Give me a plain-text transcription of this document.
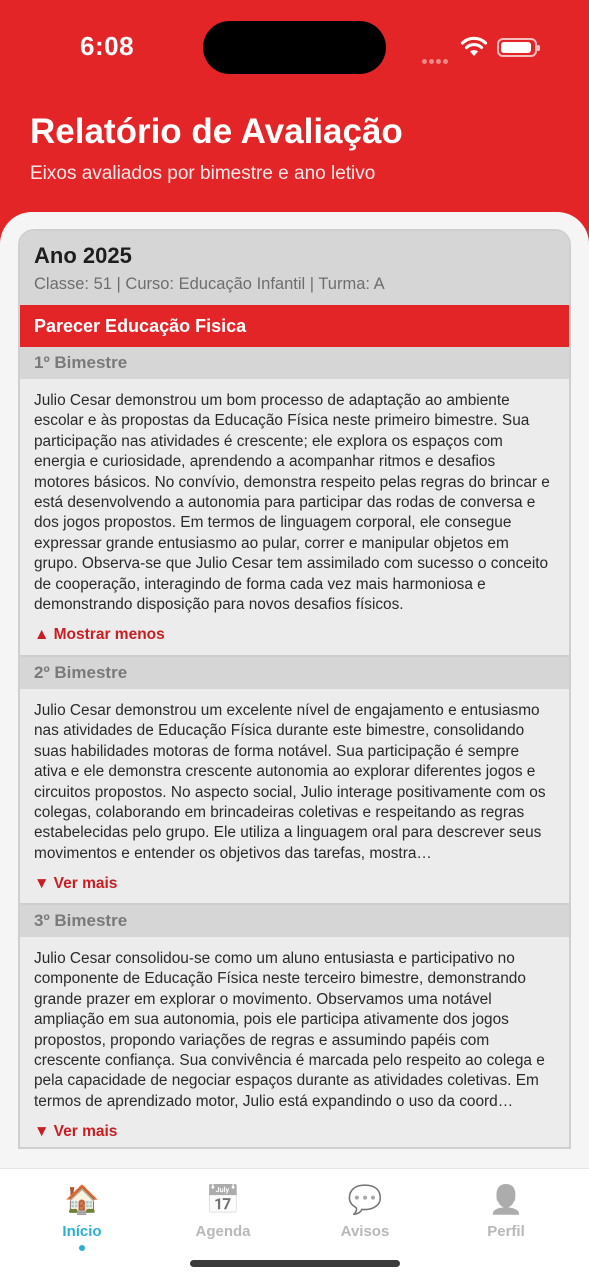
6:08
Relatório de Avaliação
Eixos avaliados por bimestre e ano letivo
Ano 2025
Classe: 51 | Curso: Educação Infantil | Turma: A
Parecer Educação Fisica
1º Bimestre
Julio Cesar demonstrou um bom processo de adaptação ao ambiente escolar e às propostas da Educação Física neste primeiro bimestre. Sua participação nas atividades é crescente; ele explora os espaços com energia e curiosidade, aprendendo a acompanhar ritmos e desafios motores básicos. No convívio, demonstra respeito pelas regras do brincar e está desenvolvendo a autonomia para participar das rodas de conversa e dos jogos propostos. Em termos de linguagem corporal, ele consegue expressar grande entusiasmo ao pular, correr e manipular objetos em grupo. Observa-se que Julio Cesar tem assimilado com sucesso o conceito de cooperação, interagindo de forma cada vez mais harmoniosa e demonstrando disposição para novos desafios físicos.
▲ Mostrar menos
2º Bimestre
Julio Cesar demonstrou um excelente nível de engajamento e entusiasmo nas atividades de Educação Física durante este bimestre, consolidando suas habilidades motoras de forma notável. Sua participação é sempre ativa e ele demonstra crescente autonomia ao explorar diferentes jogos e circuitos propostos. No aspecto social, Julio interage positivamente com os colegas, colaborando em brincadeiras coletivas e respeitando as regras estabelecidas pelo grupo. Ele utiliza a linguagem oral para descrever seus movimentos e entender os objetivos das tarefas, mostra…
▼ Ver mais
3º Bimestre
Julio Cesar consolidou-se como um aluno entusiasta e participativo no componente de Educação Física neste terceiro bimestre, demonstrando grande prazer em explorar o movimento. Observamos uma notável ampliação em sua autonomia, pois ele participa ativamente dos jogos propostos, propondo variações de regras e assumindo papéis com crescente confiança. Sua convivência é marcada pelo respeito ao colega e pela capacidade de negociar espaços durante as atividades coletivas. Em termos de aprendizado motor, Julio está expandindo o uso da coord…
▼ Ver mais
🏠
Início
📅
Agenda
💬
Avisos
👤
Perfil
